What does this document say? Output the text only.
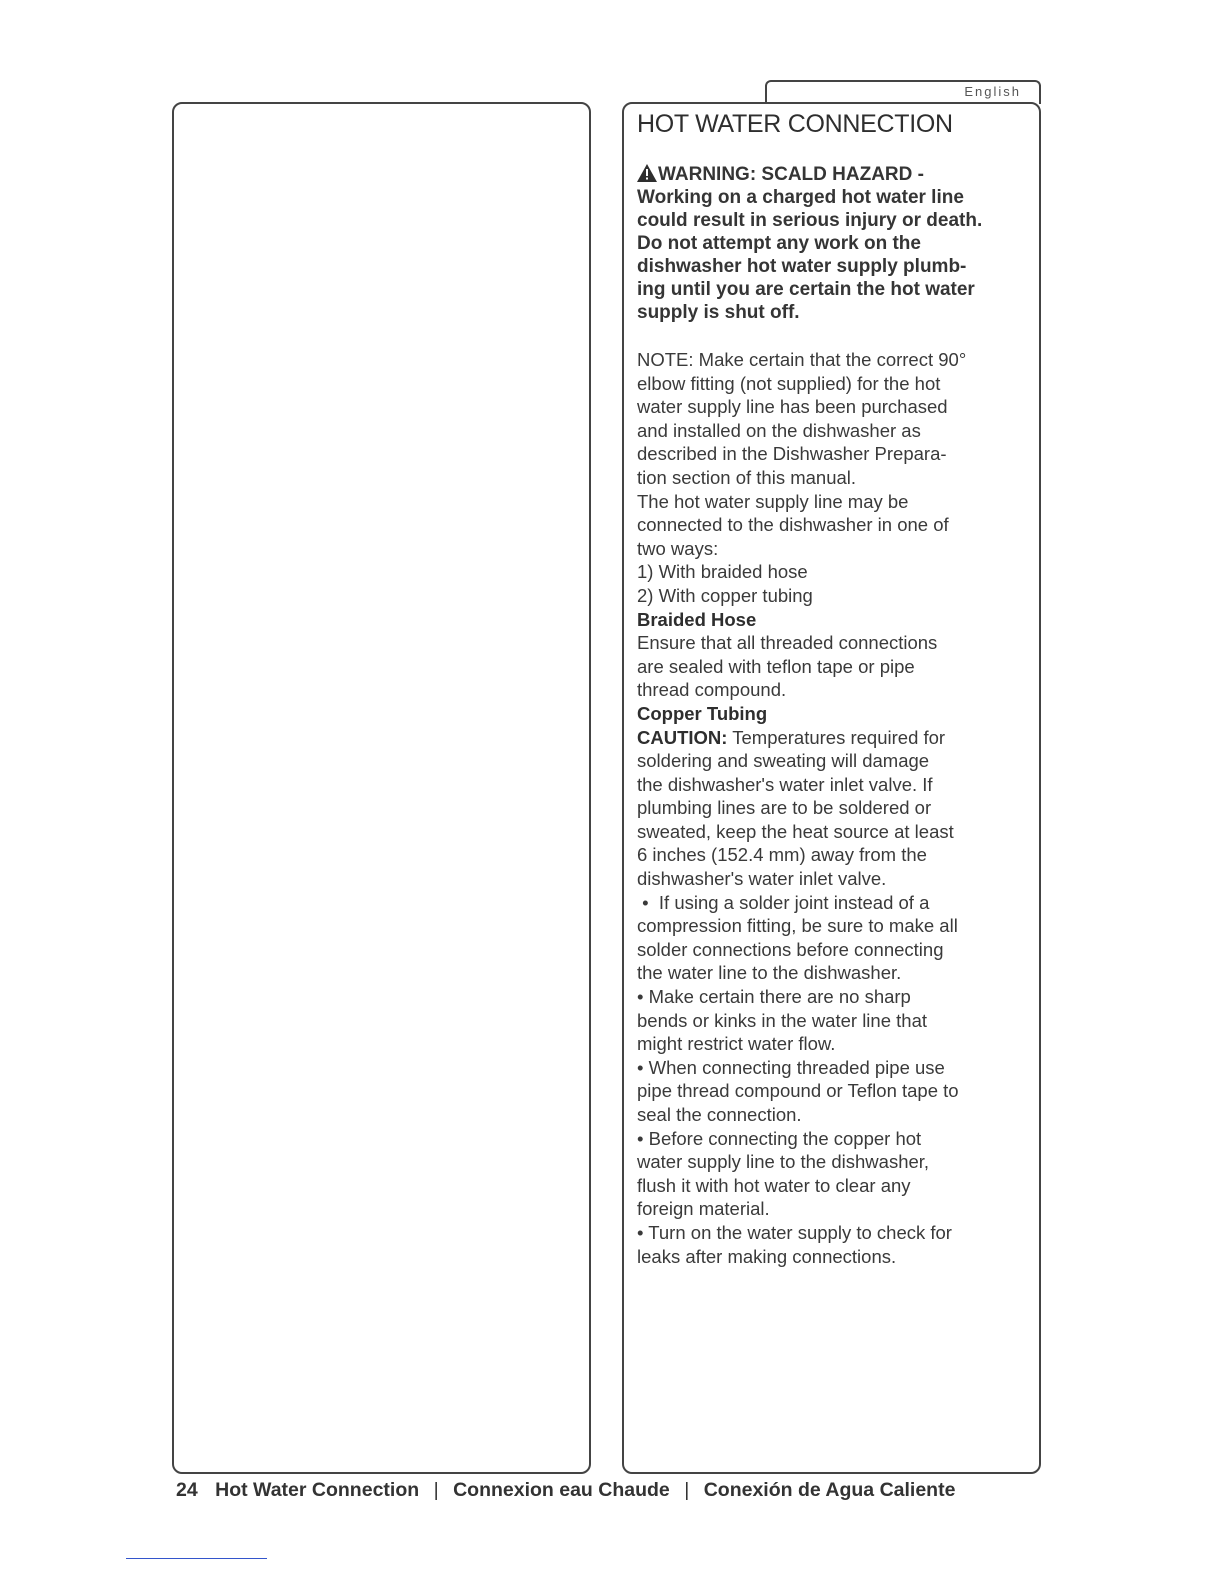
English
HOT WATER CONNECTION
WARNING: SCALD HAZARD -
Working on a charged hot water line
could result in serious injury or death.
Do not attempt any work on the
dishwasher hot water supply plumb-
ing until you are certain the hot water
supply is shut off.
NOTE: Make certain that the correct 90°
elbow fitting (not supplied) for the hot
water supply line has been purchased
and installed on the dishwasher as
described in the Dishwasher Prepara-
tion section of this manual.
The hot water supply line may be
connected to the dishwasher in one of
two ways:
1) With braided hose
2) With copper tubing
Braided Hose
Ensure that all threaded connections
are sealed with teflon tape or pipe
thread compound.
Copper Tubing
CAUTION: Temperatures required for
soldering and sweating will damage
the dishwasher's water inlet valve. If
plumbing lines are to be soldered or
sweated, keep the heat source at least
6 inches (152.4 mm) away from the
dishwasher's water inlet valve.
•  If using a solder joint instead of a
compression fitting, be sure to make all
solder connections before connecting
the water line to the dishwasher.
• Make certain there are no sharp
bends or kinks in the water line that
might restrict water flow.
• When connecting threaded pipe use
pipe thread compound or Teflon tape to
seal the connection.
• Before connecting the copper hot
water supply line to the dishwasher,
flush it with hot water to clear any
foreign material.
• Turn on the water supply to check for
leaks after making connections.
24 Hot Water Connection | Connexion eau Chaude | Conexión de Agua Caliente
